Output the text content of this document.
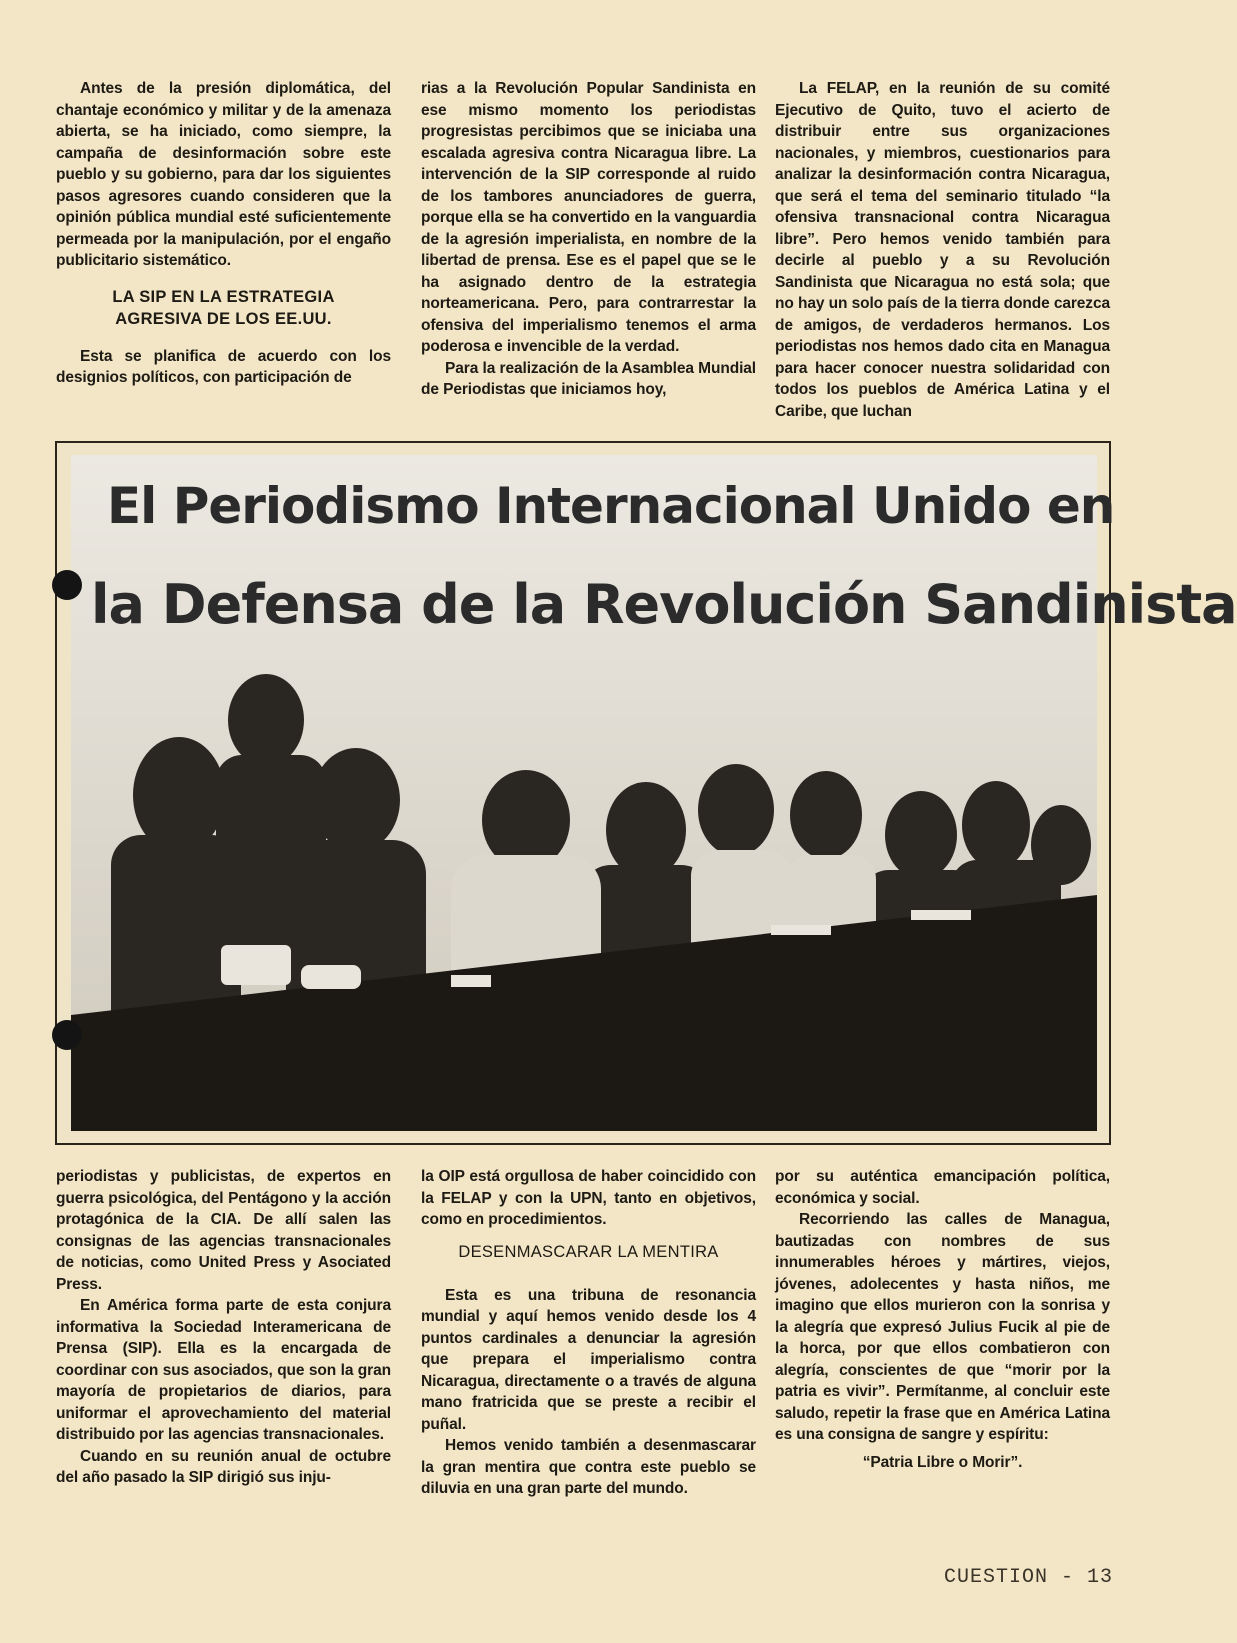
Antes de la presión diplomática, del chantaje económico y militar y de la amenaza abierta, se ha iniciado, como siempre, la campaña de desinformación sobre este pueblo y su gobierno, para dar los siguientes pasos agresores cuando consideren que la opinión pública mundial esté suficientemente permeada por la manipulación, por el engaño publicitario sistemático.

LA SIP EN LA ESTRATEGIA
AGRESIVA DE LOS EE.UU.

Esta se planifica de acuerdo con los designios políticos, con participación de

rias a la Revolución Popular Sandinista en ese mismo momento los periodistas progresistas percibimos que se iniciaba una escalada agresiva contra Nicaragua libre. La intervención de la SIP corresponde al ruido de los tambores anunciadores de guerra, porque ella se ha convertido en la vanguardia de la agresión imperialista, en nombre de la libertad de prensa. Ese es el papel que se le ha asignado dentro de la estrategia norteamericana. Pero, para contrarrestar la ofensiva del imperialismo tenemos el arma poderosa e invencible de la verdad.

Para la realización de la Asamblea Mundial de Periodistas que iniciamos hoy,

La FELAP, en la reunión de su comité Ejecutivo de Quito, tuvo el acierto de distribuir entre sus organizaciones nacionales, y miembros, cuestionarios para analizar la desinformación contra Nicaragua, que será el tema del seminario titulado “la ofensiva transnacional contra Nicaragua libre”. Pero hemos venido también para decirle al pueblo y a su Revolución Sandinista que Nicaragua no está sola; que no hay un solo país de la tierra donde carezca de amigos, de verdaderos hermanos. Los periodistas nos hemos dado cita en Managua para hacer conocer nuestra solidaridad con todos los pueblos de América Latina y el Caribe, que luchan

El Periodismo Internacional Unido en
la Defensa de la Revolución Sandinista

periodistas y publicistas, de expertos en guerra psicológica, del Pentágono y la acción protagónica de la CIA. De allí salen las consignas de las agencias transnacionales de noticias, como United Press y Asociated Press.

En América forma parte de esta conjura informativa la Sociedad Interamericana de Prensa (SIP). Ella es la encargada de coordinar con sus asociados, que son la gran mayoría de propietarios de diarios, para uniformar el aprovechamiento del material distribuido por las agencias transnacionales.

Cuando en su reunión anual de octubre del año pasado la SIP dirigió sus inju-

la OIP está orgullosa de haber coincidido con la FELAP y con la UPN, tanto en objetivos, como en procedimientos.

DESENMASCARAR LA MENTIRA

Esta es una tribuna de resonancia mundial y aquí hemos venido desde los 4 puntos cardinales a denunciar la agresión que prepara el imperialismo contra Nicaragua, directamente o a través de alguna mano fratricida que se preste a recibir el puñal.

Hemos venido también a desenmascarar la gran mentira que contra este pueblo se diluvia en una gran parte del mundo.

por su auténtica emancipación política, económica y social.

Recorriendo las calles de Managua, bautizadas con nombres de sus innumerables héroes y mártires, viejos, jóvenes, adolecentes y hasta niños, me imagino que ellos murieron con la sonrisa y la alegría que expresó Julius Fucik al pie de la horca, por que ellos combatieron con alegría, conscientes de que “morir por la patria es vivir”. Permítanme, al concluir este saludo, repetir la frase que en América Latina es una consigna de sangre y espíritu:

“Patria Libre o Morir”.

CUESTION - 13
